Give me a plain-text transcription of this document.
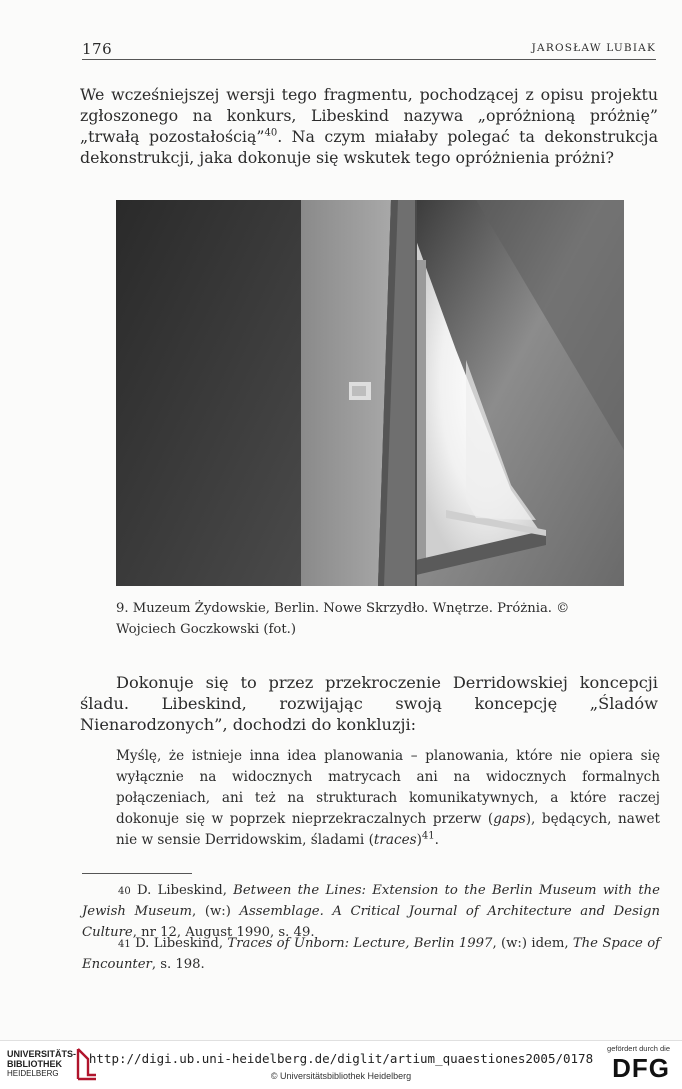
176	JAROSŁAW LUBIAK

We wcześniejszej wersji tego fragmentu, pochodzącej z opisu projektu zgłoszonego na konkurs, Libeskind nazywa „opróżnioną próżnię” „trwałą pozostałością”$^{40}$. Na czym miałaby polegać ta dekonstrukcja dekonstrukcji, jaka dokonuje się wskutek tego opróżnienia próżni?

9. Muzeum Żydowskie, Berlin. Nowe Skrzydło. Wnętrze. Próżnia. © Wojciech Goczkowski (fot.)

Dokonuje się to przez przekroczenie Derridowskiej koncepcji śladu. Libeskind, rozwijając swoją koncepcję „Śladów Nienarodzonych”, dochodzi do konkluzji:

Myślę, że istnieje inna idea planowania – planowania, które nie opiera się wyłącznie na widocznych matrycach ani na widocznych formalnych połączeniach, ani też na strukturach komunikatywnych, a które raczej dokonuje się w poprzek nieprzekraczalnych przerw (gaps), będących, nawet nie w sensie Derridowskim, śladami (traces)$^{41}$.

$^{40}$ D. Libeskind, Between the Lines: Extension to the Berlin Museum with the Jewish Museum, (w:) Assemblage. A Critical Journal of Architecture and Design Culture, nr 12, August 1990, s. 49.

$^{41}$ D. Libeskind, Traces of Unborn: Lecture, Berlin 1997, (w:) idem, The Space of Encounter, s. 198.

UNIVERSITÄTS-
BIBLIOTHEK
HEIDELBERG
http://digi.ub.uni-heidelberg.de/diglit/artium_quaestiones2005/0178
© Universitätsbibliothek Heidelberg
gefördert durch die
DFG
